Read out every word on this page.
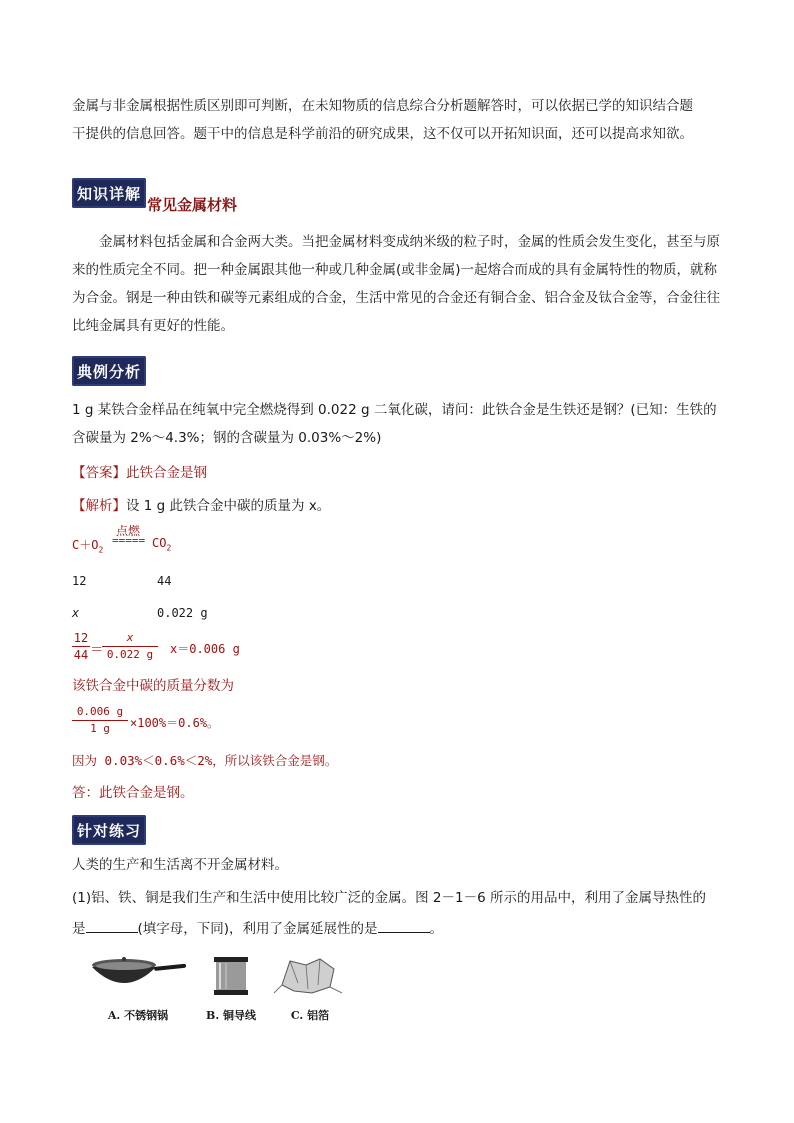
金属与非金属根据性质区别即可判断，在未知物质的信息综合分析题解答时，可以依据已学的知识结合题

干提供的信息回答。题干中的信息是科学前沿的研究成果，这不仅可以开拓知识面，还可以提高求知欲。

知识详解
常见金属材料

金属材料包括金属和合金两大类。当把金属材料变成纳米级的粒子时，金属的性质会发生变化，甚至与原来的性质完全不同。把一种金属跟其他一种或几种金属(或非金属)一起熔合而成的具有金属特性的物质，就称为合金。钢是一种由铁和碳等元素组成的合金，生活中常见的合金还有铜合金、铝合金及钛合金等，合金往往比纯金属具有更好的性能。

典例分析

1 g 某铁合金样品在纯氧中完全燃烧得到 0.022 g 二氧化碳，请问：此铁合金是生铁还是钢？(已知：生铁的含碳量为 2%～4.3%；钢的含碳量为 0.03%～2%)

【答案】此铁合金是钢

【解析】设 1 g 此铁合金中碳的质量为 x。

点燃
$C+O_2$
===== $CO_2$

12	44

x	0.022 g

12
44 ＝
x
0.022 g	x＝0.006 g

该铁合金中碳的质量分数为

0.006 g
1 g	×100%＝0.6%。

因为 0.03%＜0.6%＜2%，所以该铁合金是钢。

答：此铁合金是钢。

针对练习

人类的生产和生活离不开金属材料。

(1)铝、铁、铜是我们生产和生活中使用比较广泛的金属。图 2－1－6 所示的用品中，利用了金属导热性的

是	(填字母，下同)，利用了金属延展性的是	。

A. 不锈钢锅	B. 铜导线	C. 铝箔
